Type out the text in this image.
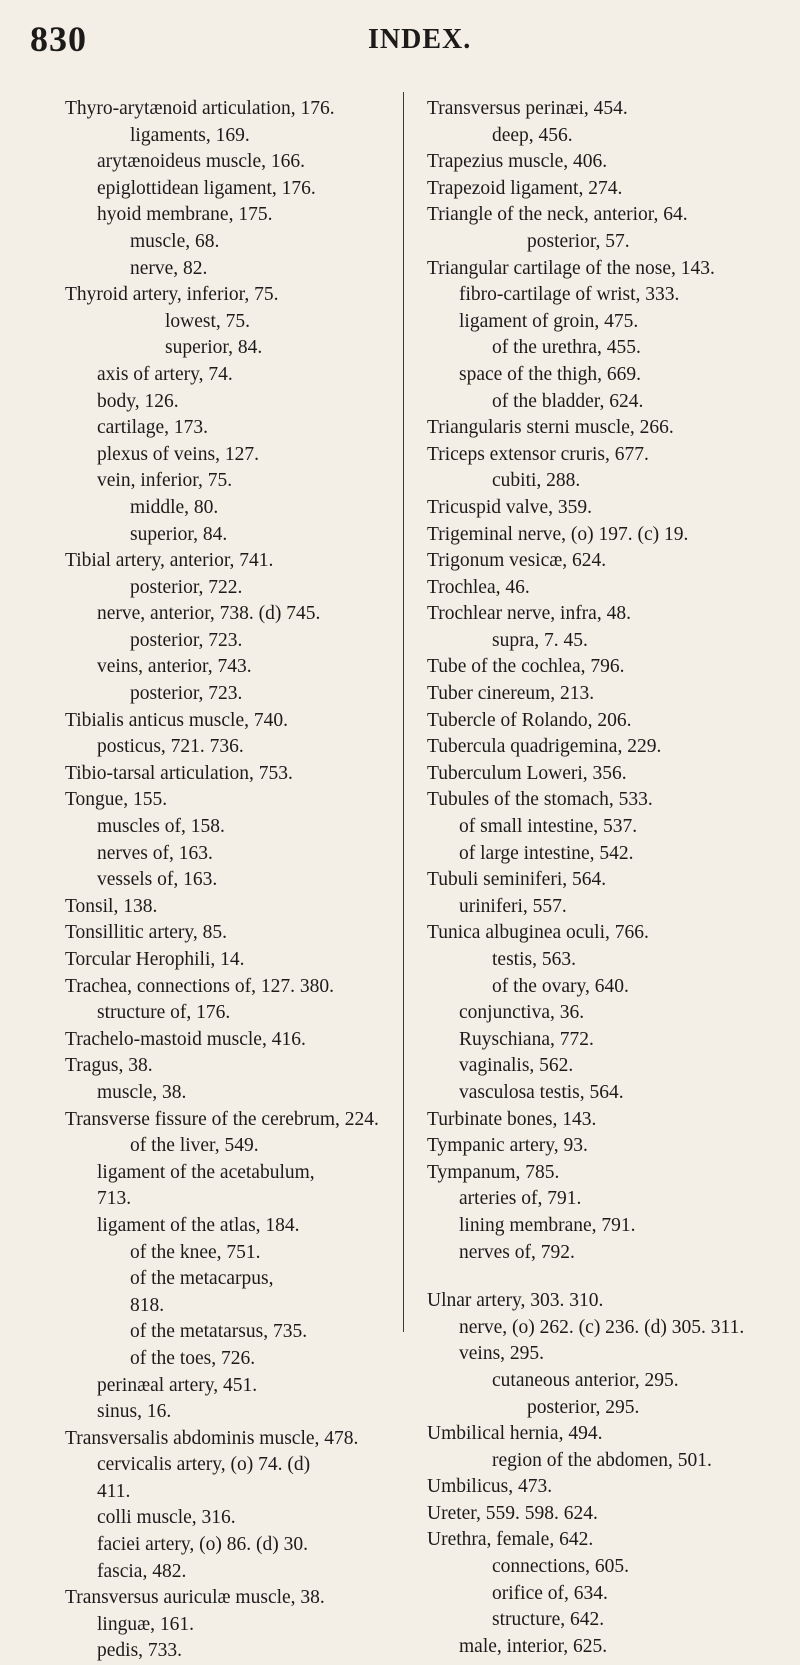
830	INDEX.
Thyro-arytænoid articulation, 176.
ligaments, 169.
arytænoideus muscle, 166.
epiglottidean ligament, 176.
hyoid membrane, 175.
muscle, 68.
nerve, 82.
Thyroid artery, inferior, 75.
lowest, 75.
superior, 84.
axis of artery, 74.
body, 126.
cartilage, 173.
plexus of veins, 127.
vein, inferior, 75.
middle, 80.
superior, 84.
Tibial artery, anterior, 741.
posterior, 722.
nerve, anterior, 738. (d) 745.
posterior, 723.
veins, anterior, 743.
posterior, 723.
Tibialis anticus muscle, 740.
posticus, 721. 736.
Tibio-tarsal articulation, 753.
Tongue, 155.
muscles of, 158.
nerves of, 163.
vessels of, 163.
Tonsil, 138.
Tonsillitic artery, 85.
Torcular Herophili, 14.
Trachea, connections of, 127. 380.
structure of, 176.
Trachelo-mastoid muscle, 416.
Tragus, 38.
muscle, 38.
Transverse fissure of the cerebrum, 224.
of the liver, 549.
ligament of the acetabulum,
713.
ligament of the atlas, 184.
of the knee, 751.
of the metacarpus,
818.
of the metatarsus, 735.
of the toes, 726.
perinæal artery, 451.
sinus, 16.
Transversalis abdominis muscle, 478.
cervicalis artery, (o) 74. (d)
411.
colli muscle, 316.
faciei artery, (o) 86. (d) 30.
fascia, 482.
Transversus auriculæ muscle, 38.
linguæ, 161.
pedis, 733.
Transversus perinæi, 454.
deep, 456.
Trapezius muscle, 406.
Trapezoid ligament, 274.
Triangle of the neck, anterior, 64.
posterior, 57.
Triangular cartilage of the nose, 143.
fibro-cartilage of wrist, 333.
ligament of groin, 475.
of the urethra, 455.
space of the thigh, 669.
of the bladder, 624.
Triangularis sterni muscle, 266.
Triceps extensor cruris, 677.
cubiti, 288.
Tricuspid valve, 359.
Trigeminal nerve, (o) 197. (c) 19.
Trigonum vesicæ, 624.
Trochlea, 46.
Trochlear nerve, infra, 48.
supra, 7. 45.
Tube of the cochlea, 796.
Tuber cinereum, 213.
Tubercle of Rolando, 206.
Tubercula quadrigemina, 229.
Tuberculum Loweri, 356.
Tubules of the stomach, 533.
of small intestine, 537.
of large intestine, 542.
Tubuli seminiferi, 564.
uriniferi, 557.
Tunica albuginea oculi, 766.
testis, 563.
of the ovary, 640.
conjunctiva, 36.
Ruyschiana, 772.
vaginalis, 562.
vasculosa testis, 564.
Turbinate bones, 143.
Tympanic artery, 93.
Tympanum, 785.
arteries of, 791.
lining membrane, 791.
nerves of, 792.
Ulnar artery, 303. 310.
nerve, (o) 262. (c) 236. (d) 305. 311.
veins, 295.
cutaneous anterior, 295.
posterior, 295.
Umbilical hernia, 494.
region of the abdomen, 501.
Umbilicus, 473.
Ureter, 559. 598. 624.
Urethra, female, 642.
connections, 605.
orifice of, 634.
structure, 642.
male, interior, 625.
